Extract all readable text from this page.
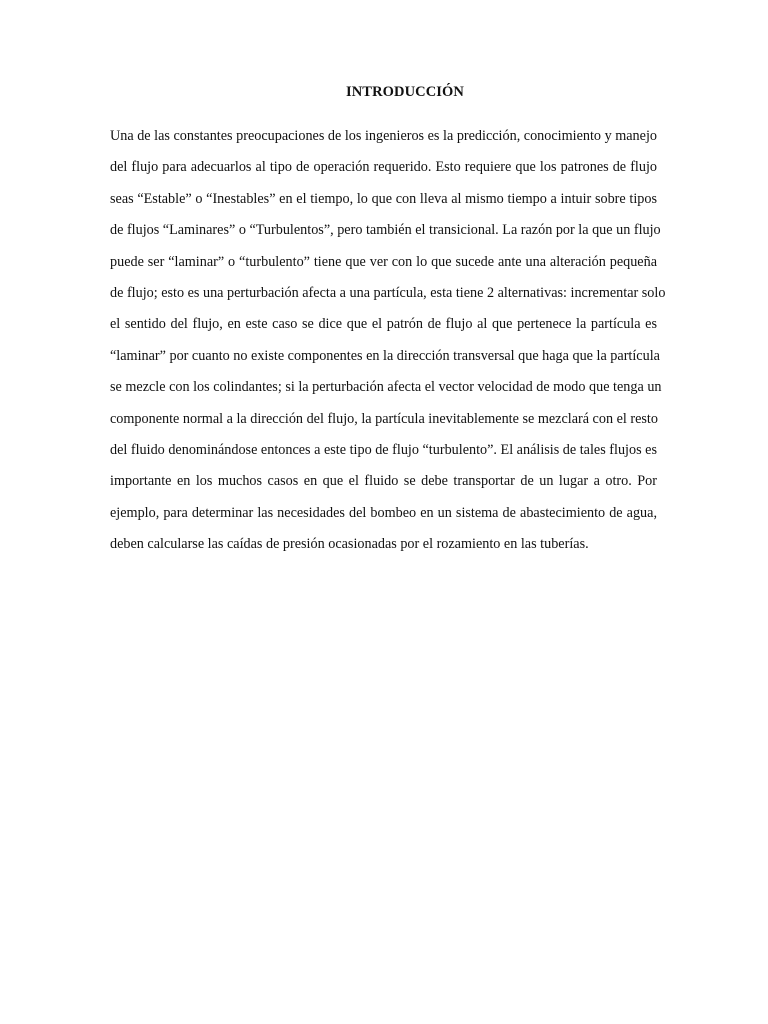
INTRODUCCIÓN
Una de las constantes preocupaciones de los ingenieros es la predicción, conocimiento y manejo
del flujo para adecuarlos al tipo de operación requerido. Esto requiere que los patrones de flujo
seas “Estable” o “Inestables” en el tiempo, lo que con lleva al mismo tiempo a intuir sobre tipos
de flujos “Laminares” o “Turbulentos”, pero también el transicional. La razón por la que un flujo
puede ser “laminar” o “turbulento” tiene que ver con lo que sucede ante una alteración pequeña
de flujo; esto es una perturbación afecta a una partícula, esta tiene 2 alternativas: incrementar solo
el sentido del flujo, en este caso se dice que el patrón de flujo al que pertenece la partícula es
“laminar” por cuanto no existe componentes en la dirección transversal que haga que la partícula
se mezcle con los colindantes; si la perturbación afecta el vector velocidad de modo que tenga un
componente normal a la dirección del flujo, la partícula inevitablemente se mezclará con el resto
del fluido denominándose entonces a este tipo de flujo “turbulento”. El análisis de tales flujos es
importante en los muchos casos en que el fluido se debe transportar de un lugar a otro. Por
ejemplo, para determinar las necesidades del bombeo en un sistema de abastecimiento de agua,
deben calcularse las caídas de presión ocasionadas por el rozamiento en las tuberías.
